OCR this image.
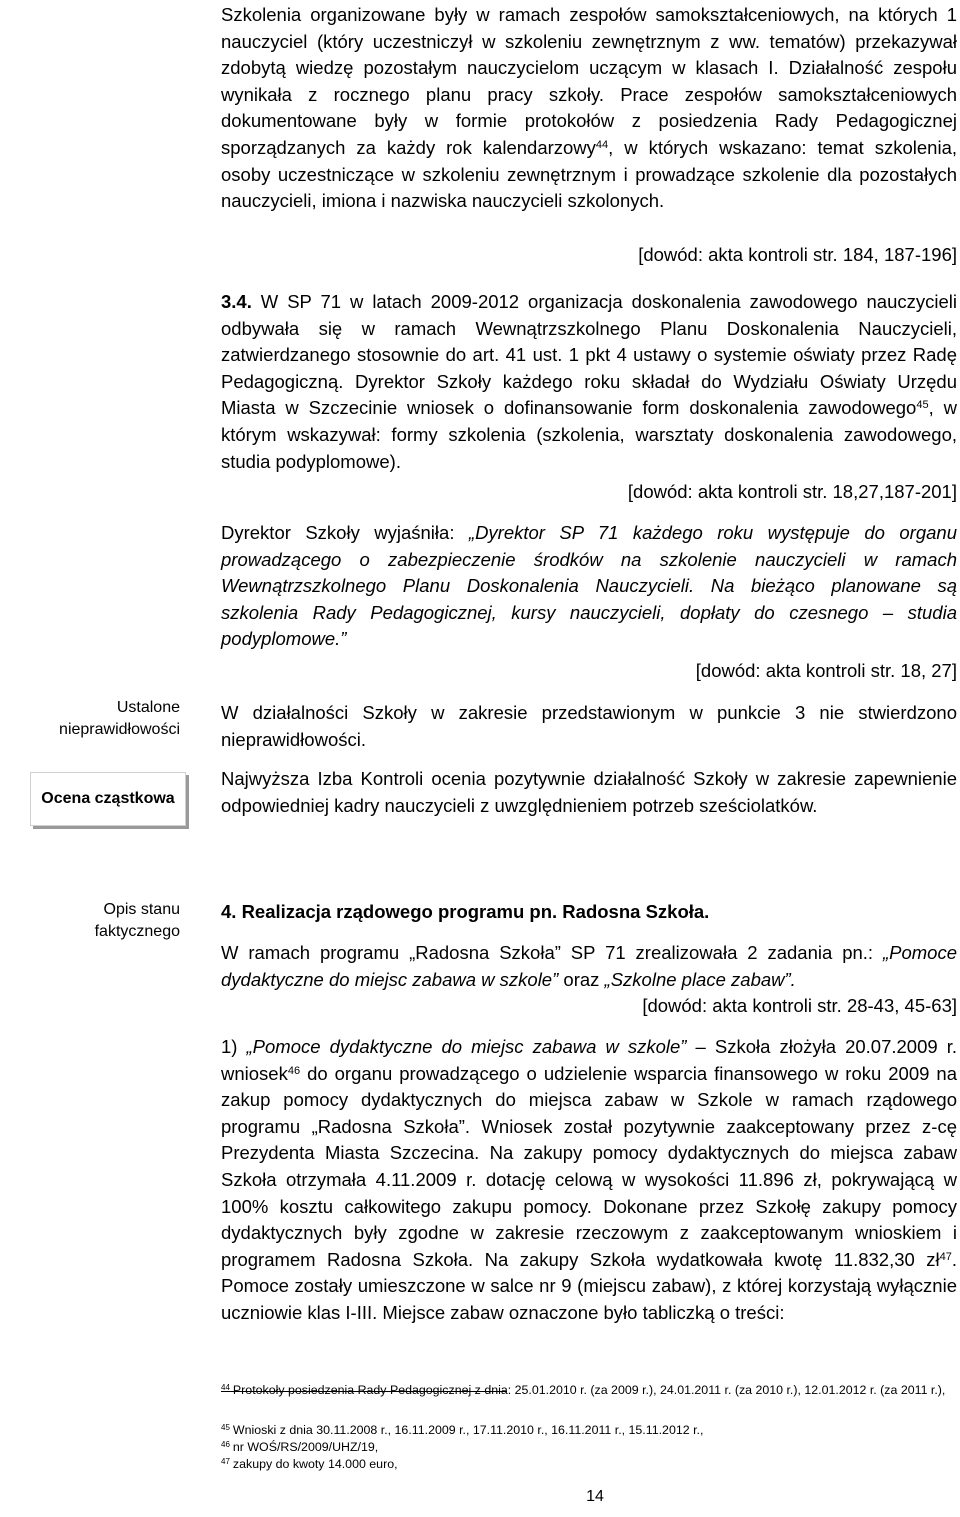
Szkolenia organizowane były w ramach zespołów samokształceniowych, na których 1 nauczyciel (który uczestniczył w szkoleniu zewnętrznym z ww. tematów) przekazywał zdobytą wiedzę pozostałym nauczycielom uczącym w klasach I. Działalność zespołu wynikała z rocznego planu pracy szkoły. Prace zespołów samokształceniowych dokumentowane były w formie protokołów z posiedzenia Rady Pedagogicznej sporządzanych za każdy rok kalendarzowy$^{44}$, w których wskazano: temat szkolenia, osoby uczestniczące w szkoleniu zewnętrznym i prowadzące szkolenie dla pozostałych nauczycieli, imiona i nazwiska nauczycieli szkolonych.

[dowód: akta kontroli str. 184, 187-196]

3.4. W SP 71 w latach 2009-2012 organizacja doskonalenia zawodowego nauczycieli odbywała się w ramach Wewnątrzszkolnego Planu Doskonalenia Nauczycieli, zatwierdzanego stosownie do art. 41 ust. 1 pkt 4 ustawy o systemie oświaty przez Radę Pedagogiczną. Dyrektor Szkoły każdego roku składał do Wydziału Oświaty Urzędu Miasta w Szczecinie wniosek o dofinansowanie form doskonalenia zawodowego$^{45}$, w którym wskazywał: formy szkolenia (szkolenia, warsztaty doskonalenia zawodowego, studia podyplomowe).

[dowód: akta kontroli str. 18,27,187-201]

Dyrektor Szkoły wyjaśniła: „Dyrektor SP 71 każdego roku występuje do organu prowadzącego o zabezpieczenie środków na szkolenie nauczycieli w ramach Wewnątrzszkolnego Planu Doskonalenia Nauczycieli. Na bieżąco planowane są szkolenia Rady Pedagogicznej, kursy nauczycieli, dopłaty do czesnego – studia podyplomowe.”

[dowód: akta kontroli str. 18, 27]
Ustalone nieprawidłowości
W działalności Szkoły w zakresie przedstawionym w punkcie 3 nie stwierdzono nieprawidłowości.
Ocena cząstkowa
Najwyższa Izba Kontroli ocenia pozytywnie działalność Szkoły w zakresie zapewnienie odpowiedniej kadry nauczycieli z uwzględnieniem potrzeb sześciolatków.
Opis stanu faktycznego
4. Realizacja rządowego programu pn. Radosna Szkoła.

W ramach programu „Radosna Szkoła” SP 71 zrealizowała 2 zadania pn.: „Pomoce dydaktyczne do miejsc zabawa w szkole” oraz „Szkolne place zabaw”.

[dowód: akta kontroli str. 28-43, 45-63]

1) „Pomoce dydaktyczne do miejsc zabawa w szkole” – Szkoła złożyła 20.07.2009 r. wniosek$^{46}$ do organu prowadzącego o udzielenie wsparcia finansowego w roku 2009 na zakup pomocy dydaktycznych do miejsca zabaw w Szkole w ramach rządowego programu „Radosna Szkoła”. Wniosek został pozytywnie zaakceptowany przez z-cę Prezydenta Miasta Szczecina. Na zakupy pomocy dydaktycznych do miejsca zabaw Szkoła otrzymała 4.11.2009 r. dotację celową w wysokości 11.896 zł, pokrywającą w 100% kosztu całkowitego zakupu pomocy. Dokonane przez Szkołę zakupy pomocy dydaktycznych były zgodne w zakresie rzeczowym z zaakceptowanym wnioskiem i programem Radosna Szkoła. Na zakupy Szkoła wydatkowała kwotę 11.832,30 $zł^{47}$. Pomoce zostały umieszczone w salce nr 9 (miejscu zabaw), z której korzystają wyłącznie uczniowie klas I-III. Miejsce zabaw oznaczone było tabliczką o treści:

$^{44}$ Protokoły posiedzenia Rady Pedagogicznej z dnia: 25.01.2010 r. (za 2009 r.), 24.01.2011 r. (za 2010 r.), 12.01.2012 r. (za 2011 r.),
$^{45}$ Wnioski z dnia 30.11.2008 r., 16.11.2009 r., 17.11.2010 r., 16.11.2011 r., 15.11.2012 r.,
$^{46}$ nr WOŚ/RS/2009/UHZ/19,
$^{47}$ zakupy do kwoty 14.000 euro,
14
